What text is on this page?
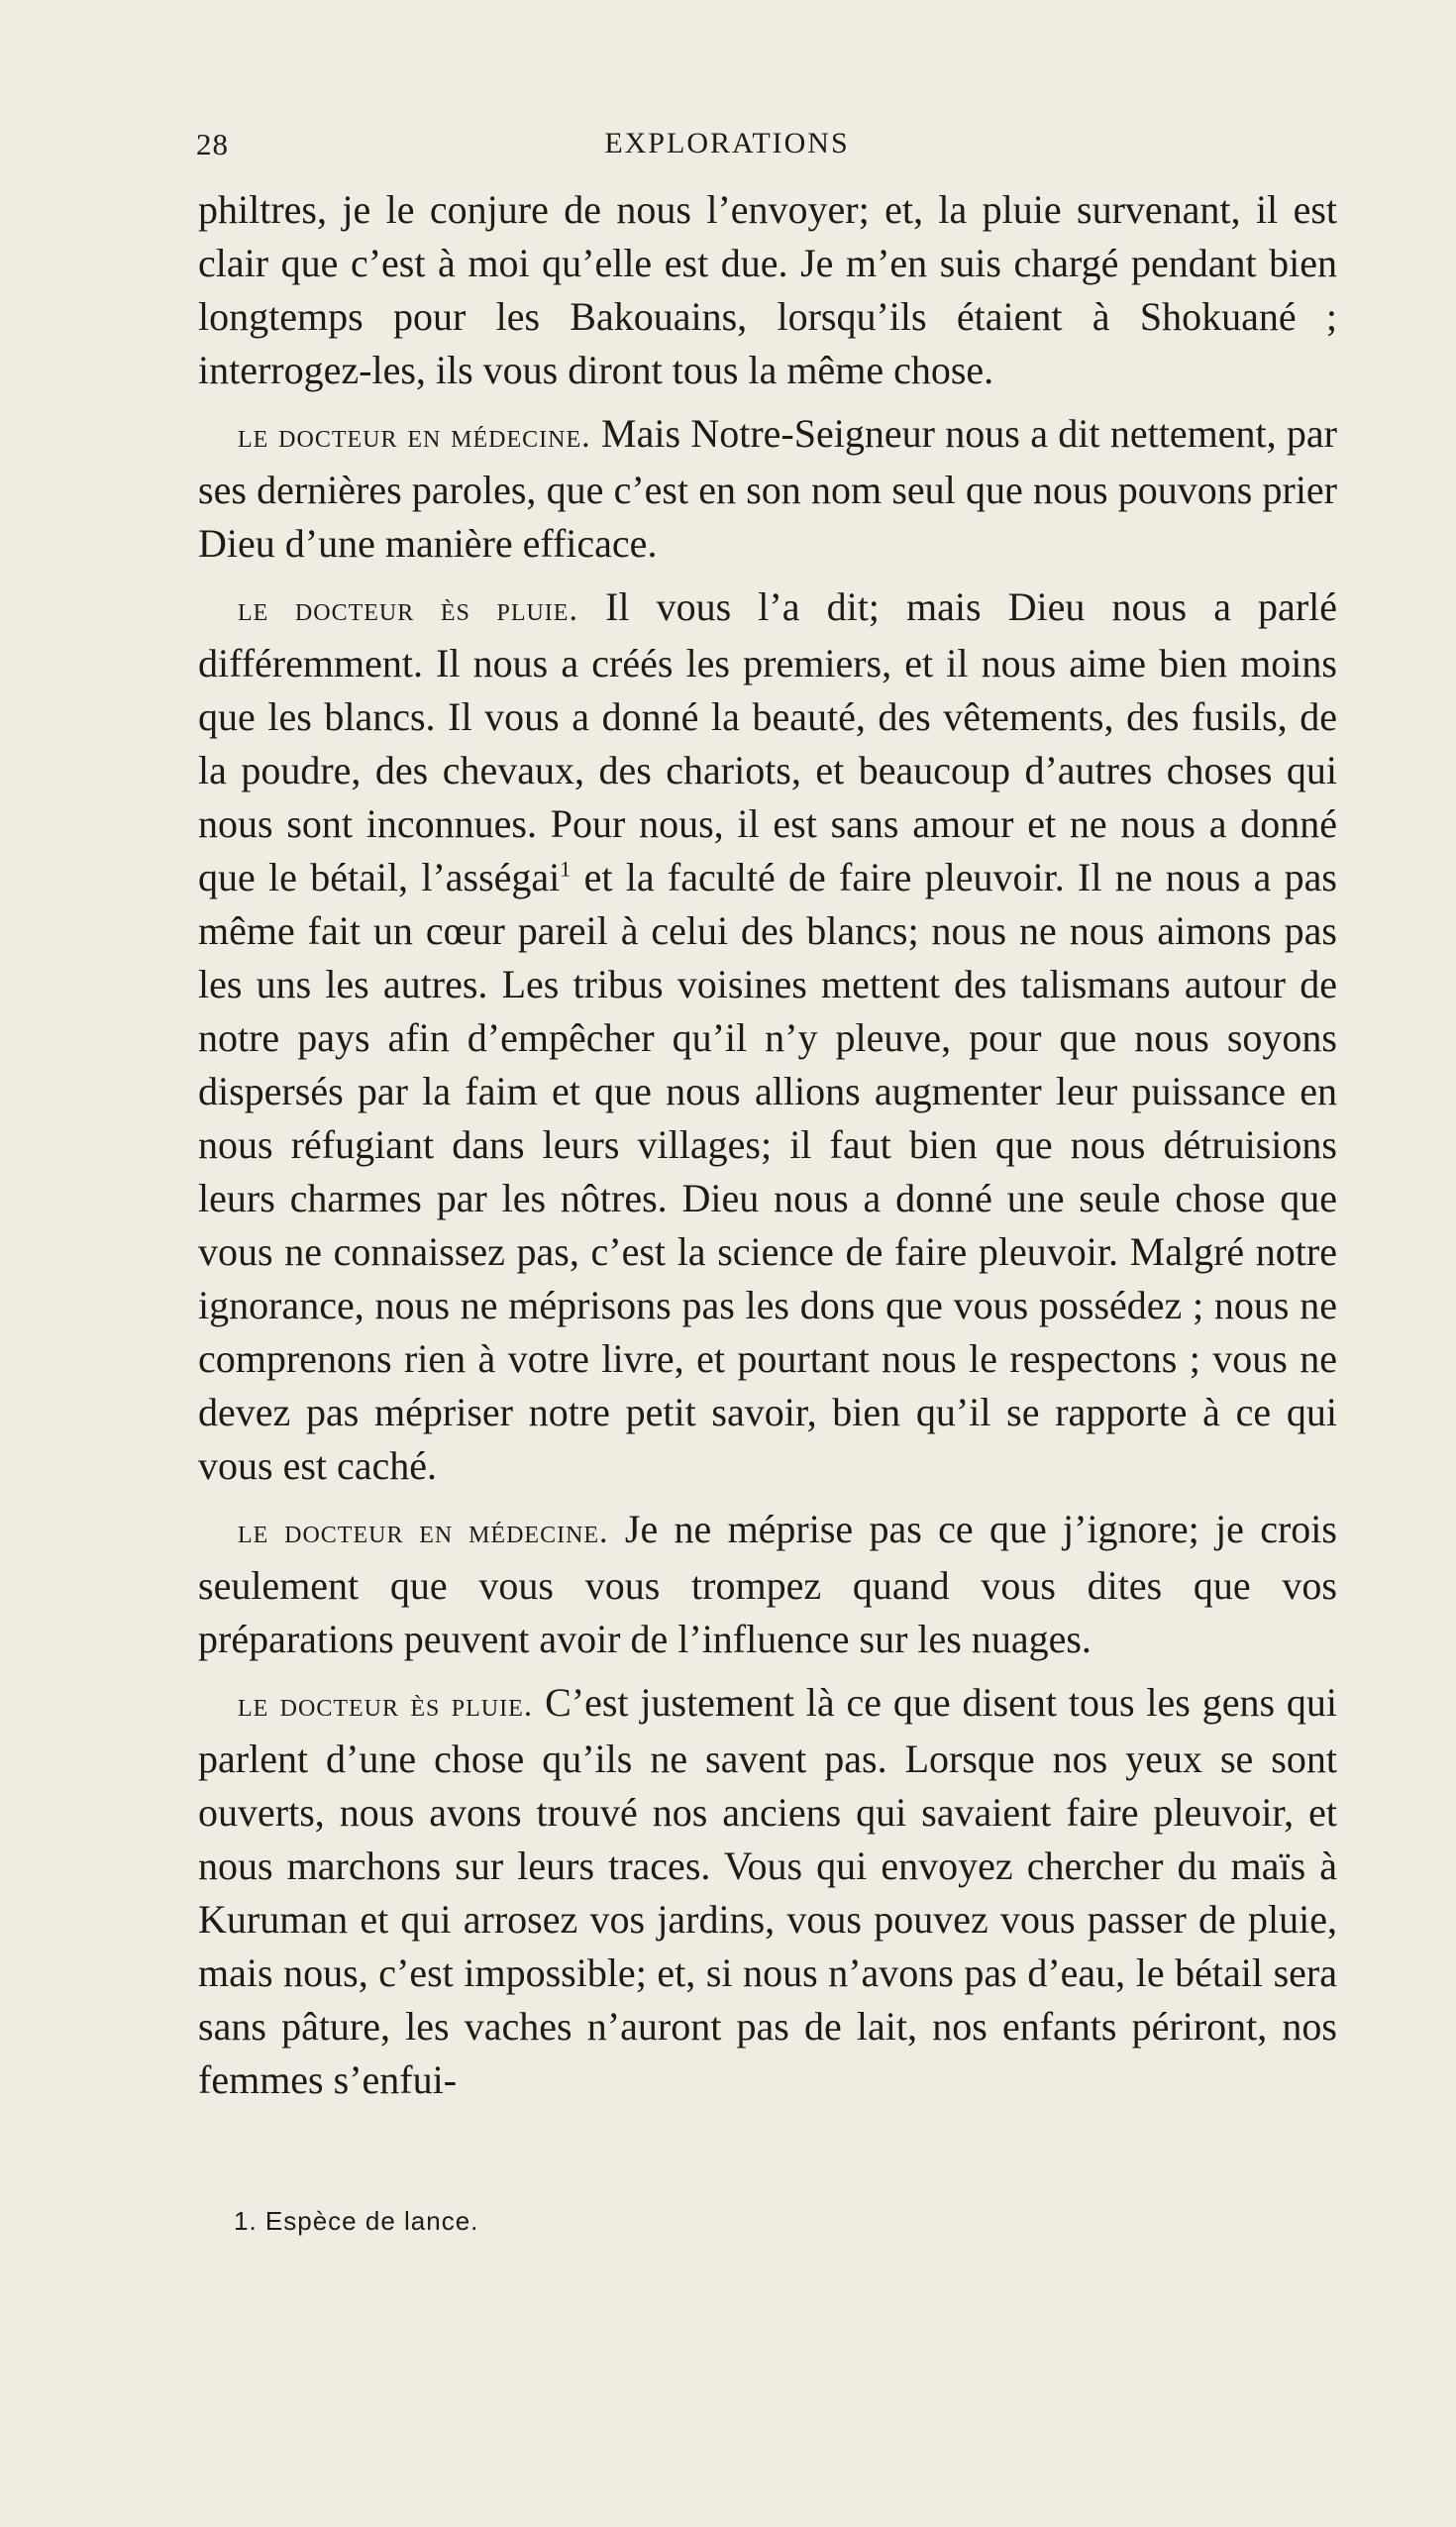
28	EXPLORATIONS

philtres, je le conjure de nous l’envoyer; et, la pluie survenant, il est clair que c’est à moi qu’elle est due. Je m’en suis chargé pendant bien longtemps pour les Bakouains, lorsqu’ils étaient à Shokuané ; interrogez-les, ils vous diront tous la même chose.

le docteur en médecine. Mais Notre-Seigneur nous a dit nettement, par ses dernières paroles, que c’est en son nom seul que nous pouvons prier Dieu d’une manière efficace.

le docteur ès pluie. Il vous l’a dit; mais Dieu nous a parlé différemment. Il nous a créés les premiers, et il nous aime bien moins que les blancs. Il vous a donné la beauté, des vêtements, des fusils, de la poudre, des chevaux, des chariots, et beaucoup d’autres choses qui nous sont inconnues. Pour nous, il est sans amour et ne nous a donné que le bétail, l’asségai$^1$ et la faculté de faire pleuvoir. Il ne nous a pas même fait un cœur pareil à celui des blancs; nous ne nous aimons pas les uns les autres. Les tribus voisines mettent des talismans autour de notre pays afin d’empêcher qu’il n’y pleuve, pour que nous soyons dispersés par la faim et que nous allions augmenter leur puissance en nous réfugiant dans leurs villages; il faut bien que nous détruisions leurs charmes par les nôtres. Dieu nous a donné une seule chose que vous ne connaissez pas, c’est la science de faire pleuvoir. Malgré notre ignorance, nous ne méprisons pas les dons que vous possédez ; nous ne comprenons rien à votre livre, et pourtant nous le respectons ; vous ne devez pas mépriser notre petit savoir, bien qu’il se rapporte à ce qui vous est caché.

le docteur en médecine. Je ne méprise pas ce que j’ignore; je crois seulement que vous vous trompez quand vous dites que vos préparations peuvent avoir de l’influence sur les nuages.

le docteur ès pluie. C’est justement là ce que disent tous les gens qui parlent d’une chose qu’ils ne savent pas. Lorsque nos yeux se sont ouverts, nous avons trouvé nos anciens qui savaient faire pleuvoir, et nous marchons sur leurs traces. Vous qui envoyez chercher du maïs à Kuruman et qui arrosez vos jardins, vous pouvez vous passer de pluie, mais nous, c’est impossible; et, si nous n’avons pas d’eau, le bétail sera sans pâture, les vaches n’auront pas de lait, nos enfants périront, nos femmes s’enfui-

1. Espèce de lance.
